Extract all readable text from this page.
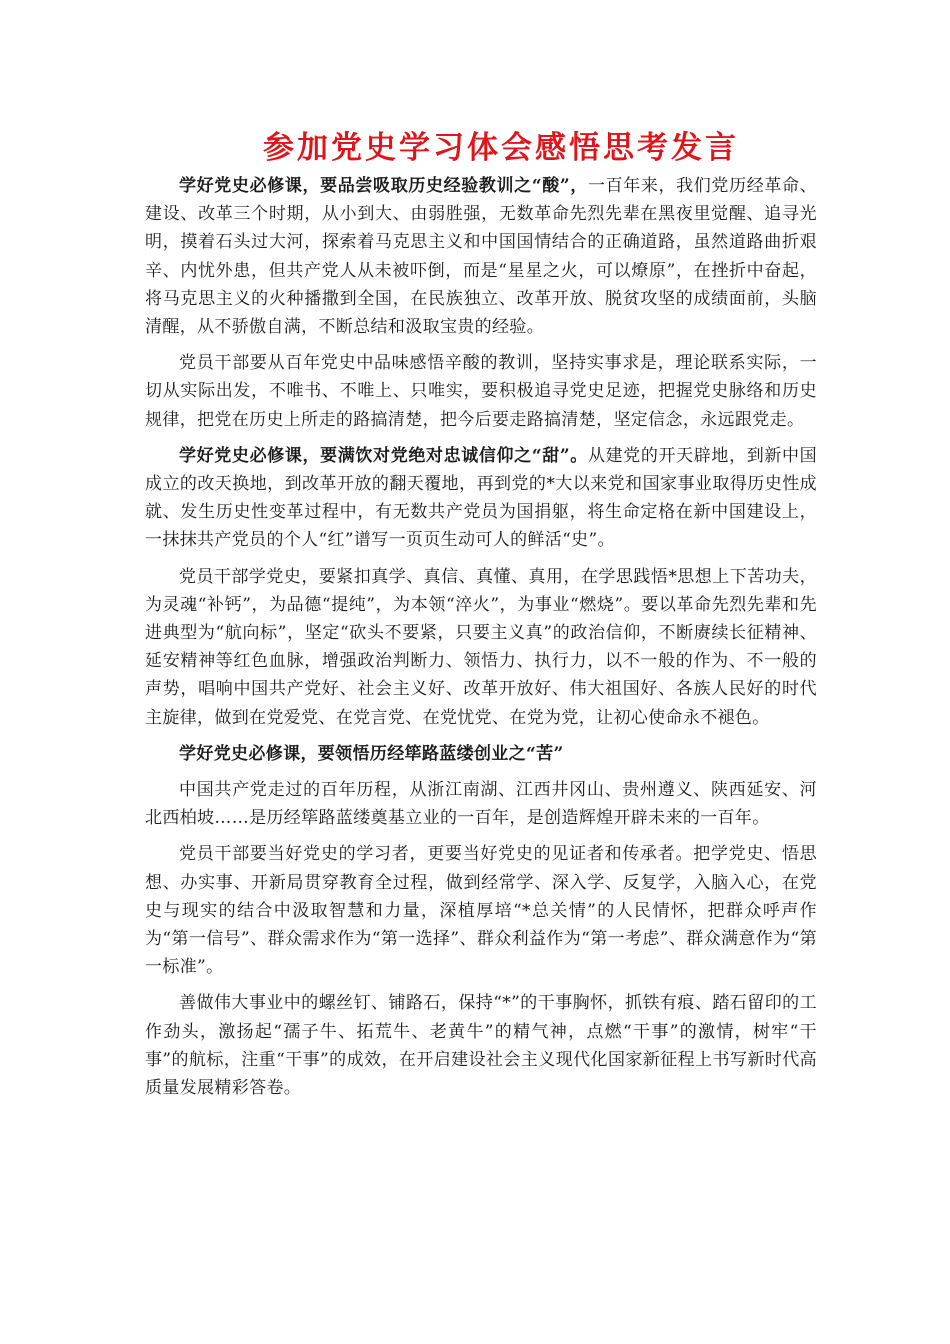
参加党史学习体会感悟思考发言

学好党史必修课，要品尝吸取历史经验教训之“酸”，一百年来，我们党历经革命、建设、改革三个时期，从小到大、由弱胜强，无数革命先烈先辈在黑夜里觉醒、追寻光明，摸着石头过大河，探索着马克思主义和中国国情结合的正确道路，虽然道路曲折艰辛、内忧外患，但共产党人从未被吓倒，而是“星星之火，可以燎原”，在挫折中奋起，将马克思主义的火种播撒到全国，在民族独立、改革开放、脱贫攻坚的成绩面前，头脑清醒，从不骄傲自满，不断总结和汲取宝贵的经验。

党员干部要从百年党史中品味感悟辛酸的教训，坚持实事求是，理论联系实际，一切从实际出发，不唯书、不唯上、只唯实，要积极追寻党史足迹，把握党史脉络和历史规律，把党在历史上所走的路搞清楚，把今后要走路搞清楚，坚定信念，永远跟党走。

学好党史必修课，要满饮对党绝对忠诚信仰之“甜”。从建党的开天辟地，到新中国成立的改天换地，到改革开放的翻天覆地，再到党的*大以来党和国家事业取得历史性成就、发生历史性变革过程中，有无数共产党员为国捐躯，将生命定格在新中国建设上，一抹抹共产党员的个人“红”谱写一页页生动可人的鲜活“史”。

党员干部学党史，要紧扣真学、真信、真懂、真用，在学思践悟*思想上下苦功夫，为灵魂“补钙”，为品德“提纯”，为本领“淬火”，为事业“燃烧”。要以革命先烈先辈和先进典型为“航向标”，坚定“砍头不要紧，只要主义真”的政治信仰，不断赓续长征精神、延安精神等红色血脉，增强政治判断力、领悟力、执行力，以不一般的作为、不一般的声势，唱响中国共产党好、社会主义好、改革开放好、伟大祖国好、各族人民好的时代主旋律，做到在党爱党、在党言党、在党忧党、在党为党，让初心使命永不褪色。

学好党史必修课，要领悟历经筚路蓝缕创业之“苦”

中国共产党走过的百年历程，从浙江南湖、江西井冈山、贵州遵义、陕西延安、河北西柏坡……是历经筚路蓝缕奠基立业的一百年，是创造辉煌开辟未来的一百年。

党员干部要当好党史的学习者，更要当好党史的见证者和传承者。把学党史、悟思想、办实事、开新局贯穿教育全过程，做到经常学、深入学、反复学，入脑入心，在党史与现实的结合中汲取智慧和力量，深植厚培“*总关情”的人民情怀，把群众呼声作为“第一信号”、群众需求作为“第一选择”、群众利益作为“第一考虑”、群众满意作为“第一标准”。

善做伟大事业中的螺丝钉、铺路石，保持“*”的干事胸怀，抓铁有痕、踏石留印的工作劲头，激扬起“孺子牛、拓荒牛、老黄牛”的精气神，点燃“干事”的激情，树牢“干事”的航标，注重“干事”的成效，在开启建设社会主义现代化国家新征程上书写新时代高质量发展精彩答卷。
